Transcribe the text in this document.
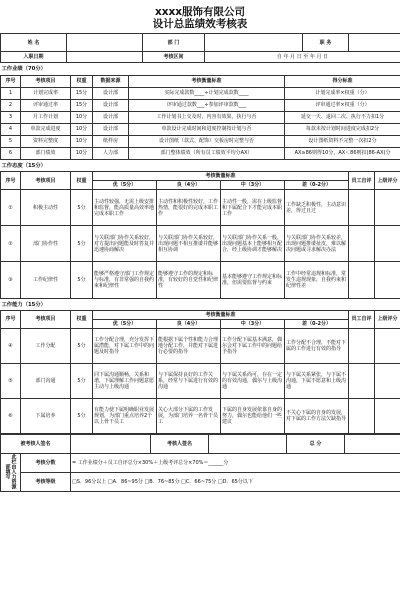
xxxx服饰有限公司
设计总监绩效考核表
姓 名		部 门		职 务	
入职日期		考核区间	自 年 月 日 至 年 月 日		
工作业绩（70分）					
序号	考核项目	权重	数据来源	考核衡量标准	得分标准
1	计划完成率	15分	设计部	实际完成款数____÷计划完成款数____	计划完成率×权重（分）
2	评审通过率	15分	设计部	评审通过款数___÷参加评审款数___	评审通过率×权重（分）
3	月工作计划	10分	设计部	工作计划书上交及时，内容有效果，执行与否	延交一天、退回二次、执行不力扣1分
4	单款完成进度	10分	设计部	单款设计完成时间和进度控制按计划与否	每款未按计划时间进度完成扣2分
5	资料完整度	10分	纸样房	设计图纸（款式、配饰）交板房时完整与否	设计图纸资料不完整一次扣2分
6	部门绩效	10分	人力部	部门整体绩效（所有员工绩效平均分AX）	AX≥86则得10分，AX＜86则扣(86-AX)分
工作态度（15分）								
序号	考核项目	权重	考核衡量标准				员工自评	上级评分
			优（5分）	良（4分）	中（3分）	差（0-2分）		
①	积极主动性	5分	主动性较强，无需上级安排和监督，能高质量高效率地完成本职工作	主动性和积极性较好，工作热情，能很好的完成本职工作	主动性一般，需在上级监督和下属配合下才能完成本职工作	工作缺乏积极性，主动意识差，得过且过		
②	部门协作性	5分	与关联部门协作关系较好，对方提出问题能及时答复并迅速协商解决	与关联部门协作关系较好，出现问题不相互推诿并能够相互协调	与关联部门协作关系一般，出现问题基本上能够相互配合，经上级协调才能够解决	与关联部门协作关系较差，出现问题推诿扯皮，难以解决问题或寻求解决办法		
③	工作纪律性	5分	能够严格遵守部门工作规定与标准，有非常强的自我约束和纪律性	能够遵守工作的规定和标准，有较好的自觉性和纪律性	基本能够遵守工作规定和标准，但需要监督与约束	工作中经常违规和标准，常发生违规现象，自我约束和纪律性差		
工作能力（15分）								
序号	考核项目	权重	考核衡量标准				员工自评	上级评分
			优（5分）	良（4分）	中（3分）	差（0-2分）		
④	工作分配	5分	工作分配合理，充分发挥下属潜能，对下属工作中的问题及时指导	能根据下属个性和能力合理地分配工作，并能对下属进行必要的指导	工作分配下属基本满意，偶尔会对下属工作中的问题给予指导	工作分配不合理，不能对下属的工作进行有效的指导		
⑤	部门沟通	5分	同下属沟通顺畅，关系和谐，下属理解工作问题意愿主动与上级沟通	与下属保持良好的工作关系，经常与下属进行有效的沟通	与下属关系尚可，存在一定的有效沟通，偶尔与上级沟通	与下属关系紧张，与下属不沟通，下属不愿意和上级沟通		
⑥	下属培养	5分	有能力使下属明确职业发展规划，为部门重点培养2个以上骨干员工	关心大部分下属的工作发展，为部门培养一名骨干员工	下属的自身发展依靠自身的努力，偶尔也能给他们一些建议	不关心下属的自身的发展，对下属的工作方法欠缺指导		
被考核人签名			考核人签名		总 分	
此栏由人力资源部填写	考核分数	= 工作业绩分＋员工自评总分×30%＋上级考评总分×70%＝______分				
	考核等级	□S．96分以上 □A．86~95分 □B．76~85分 □C．66~75分 □D．65分以下				
